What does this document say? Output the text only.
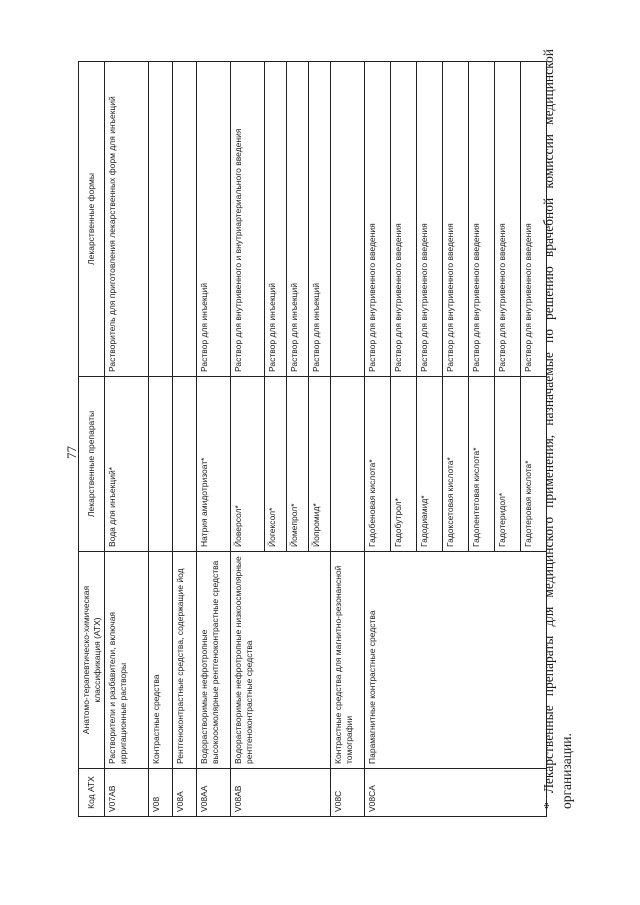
77
Код АТХ	Анатомо-терапевтическо-химическая классификация (АТХ)	Лекарственные препараты	Лекарственные формы
V07AB	Растворители и разбавители, включая ирригационные растворы	Вода для инъекций*	Растворитель для приготовления лекарственных форм для инъекций
V08	Контрастные средства		
V08A	Рентгеноконтрастные средства, содержащие йод		
V08AA	Водорастворимые нефротропные высокоосмолярные рентгеноконтрастные средства	Натрия амидотризоат*	Раствор для инъекций
V08AB	Водорастворимые нефротропные низкоосмолярные рентгеноконтрастные средства	Йоверсол*	Раствор для внутривенного и внутриартериального введения
		Йогексол*	Раствор для инъекций
		Йомепрол*	Раствор для инъекций
		Йопромид*	Раствор для инъекций
V08C	Контрастные средства для магнитно-резонансной томографии		
V08CA	Парамагнитные контрастные средства	Гадобеновая кислота*	Раствор для внутривенного введения
		Гадобутрол*	Раствор для внутривенного введения
		Гадодиамид*	Раствор для внутривенного введения
		Гадоксетовая кислота*	Раствор для внутривенного введения
		Гадопентетовая кислота*	Раствор для внутривенного введения
		Гадотеридол*	Раствор для внутривенного введения
		Гадотеровая кислота*	Раствор для внутривенного введения * Лекарственные препараты для медицинского применения, назначаемые по решению врачебной комиссии медицинской организации.
